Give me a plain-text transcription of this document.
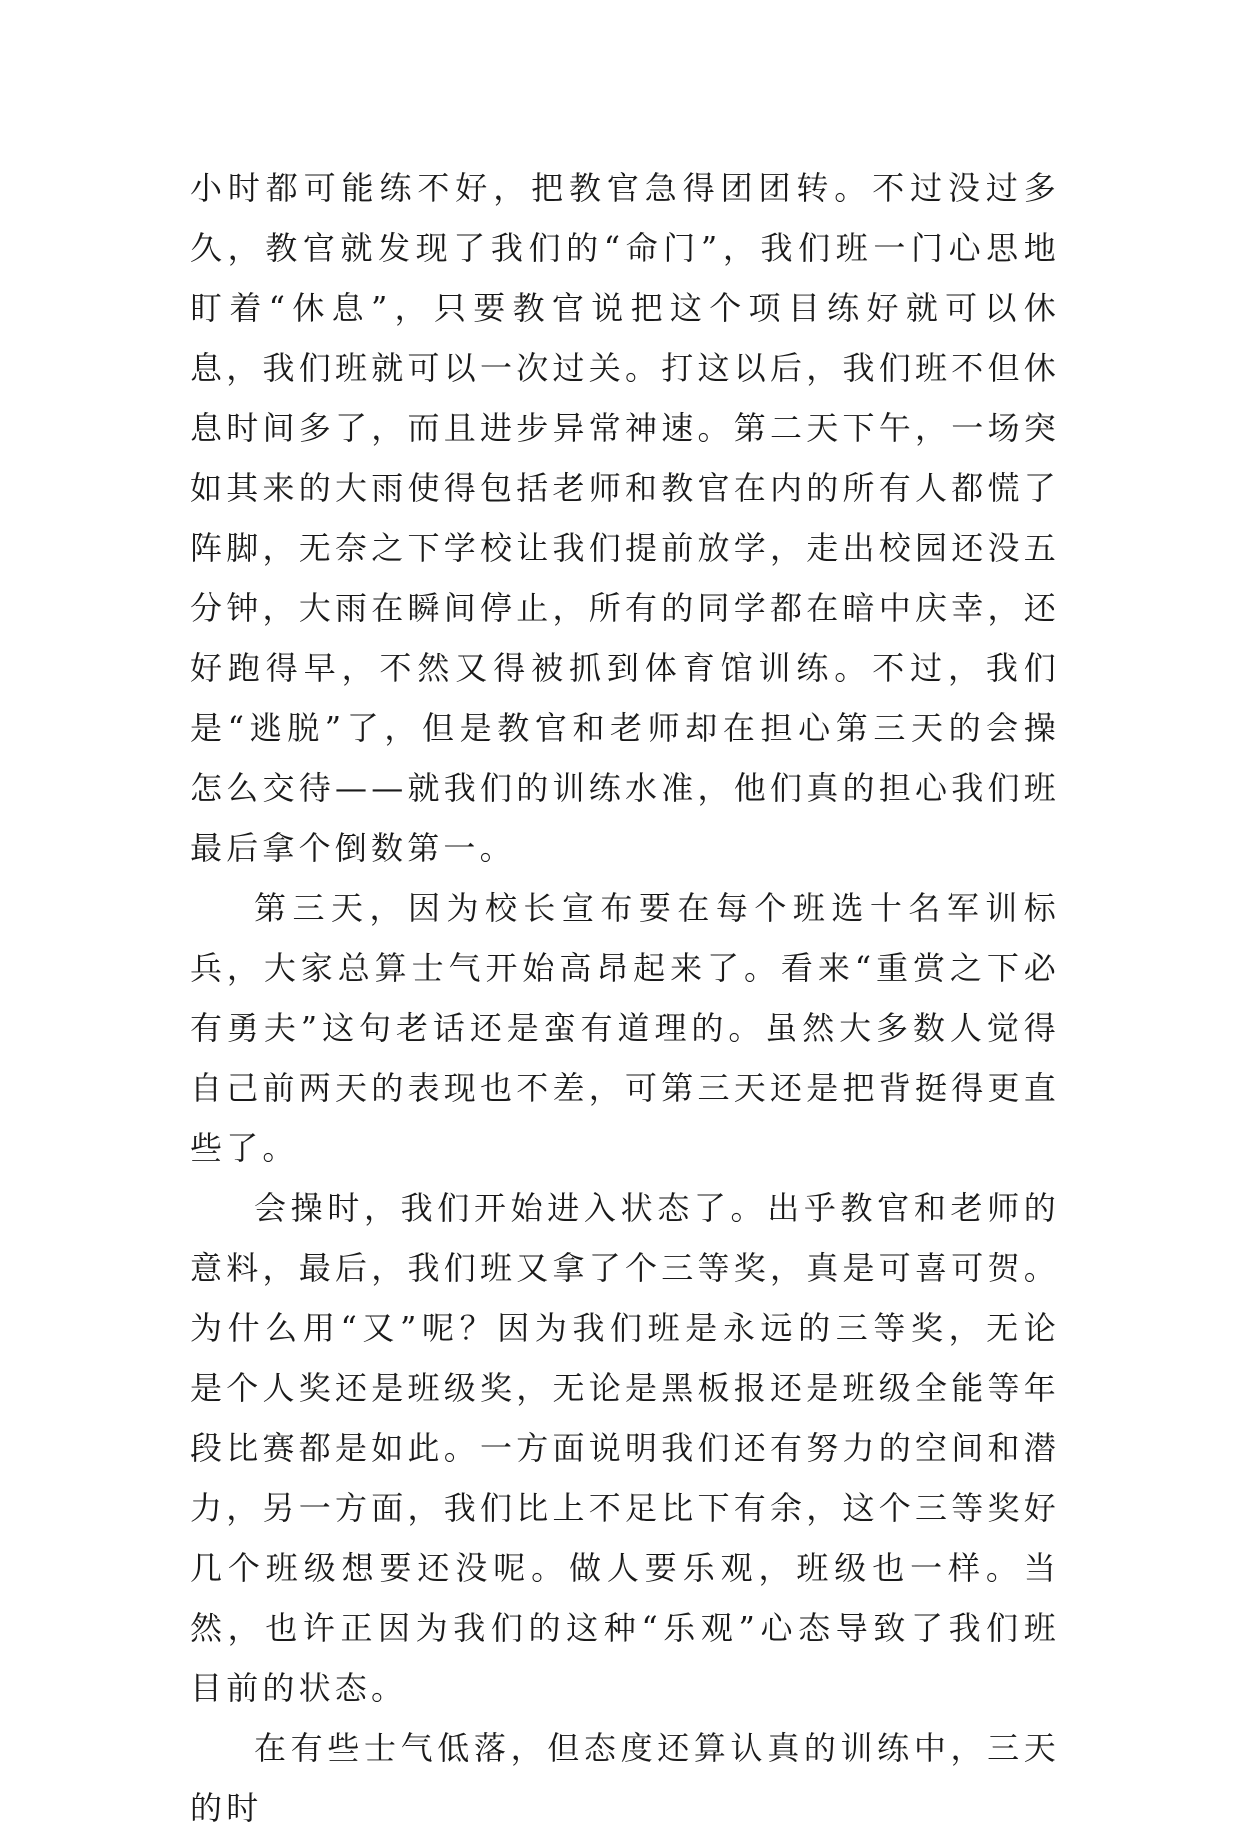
小时都可能练不好，把教官急得团团转。不过没过多久，教官就发现了我们的“命门”，我们班一门心思地盯着“休息”，只要教官说把这个项目练好就可以休息，我们班就可以一次过关。打这以后，我们班不但休息时间多了，而且进步异常神速。第二天下午，一场突如其来的大雨使得包括老师和教官在内的所有人都慌了阵脚，无奈之下学校让我们提前放学，走出校园还没五分钟，大雨在瞬间停止，所有的同学都在暗中庆幸，还好跑得早，不然又得被抓到体育馆训练。不过，我们是“逃脱”了，但是教官和老师却在担心第三天的会操怎么交待——就我们的训练水准，他们真的担心我们班最后拿个倒数第一。

第三天，因为校长宣布要在每个班选十名军训标兵，大家总算士气开始高昂起来了。看来“重赏之下必有勇夫”这句老话还是蛮有道理的。虽然大多数人觉得自己前两天的表现也不差，可第三天还是把背挺得更直些了。

会操时，我们开始进入状态了。出乎教官和老师的意料，最后，我们班又拿了个三等奖，真是可喜可贺。为什么用“又”呢？因为我们班是永远的三等奖，无论是个人奖还是班级奖，无论是黑板报还是班级全能等年段比赛都是如此。一方面说明我们还有努力的空间和潜力，另一方面，我们比上不足比下有余，这个三等奖好几个班级想要还没呢。做人要乐观，班级也一样。当然，也许正因为我们的这种“乐观”心态导致了我们班目前的状态。

在有些士气低落，但态度还算认真的训练中，三天的时
